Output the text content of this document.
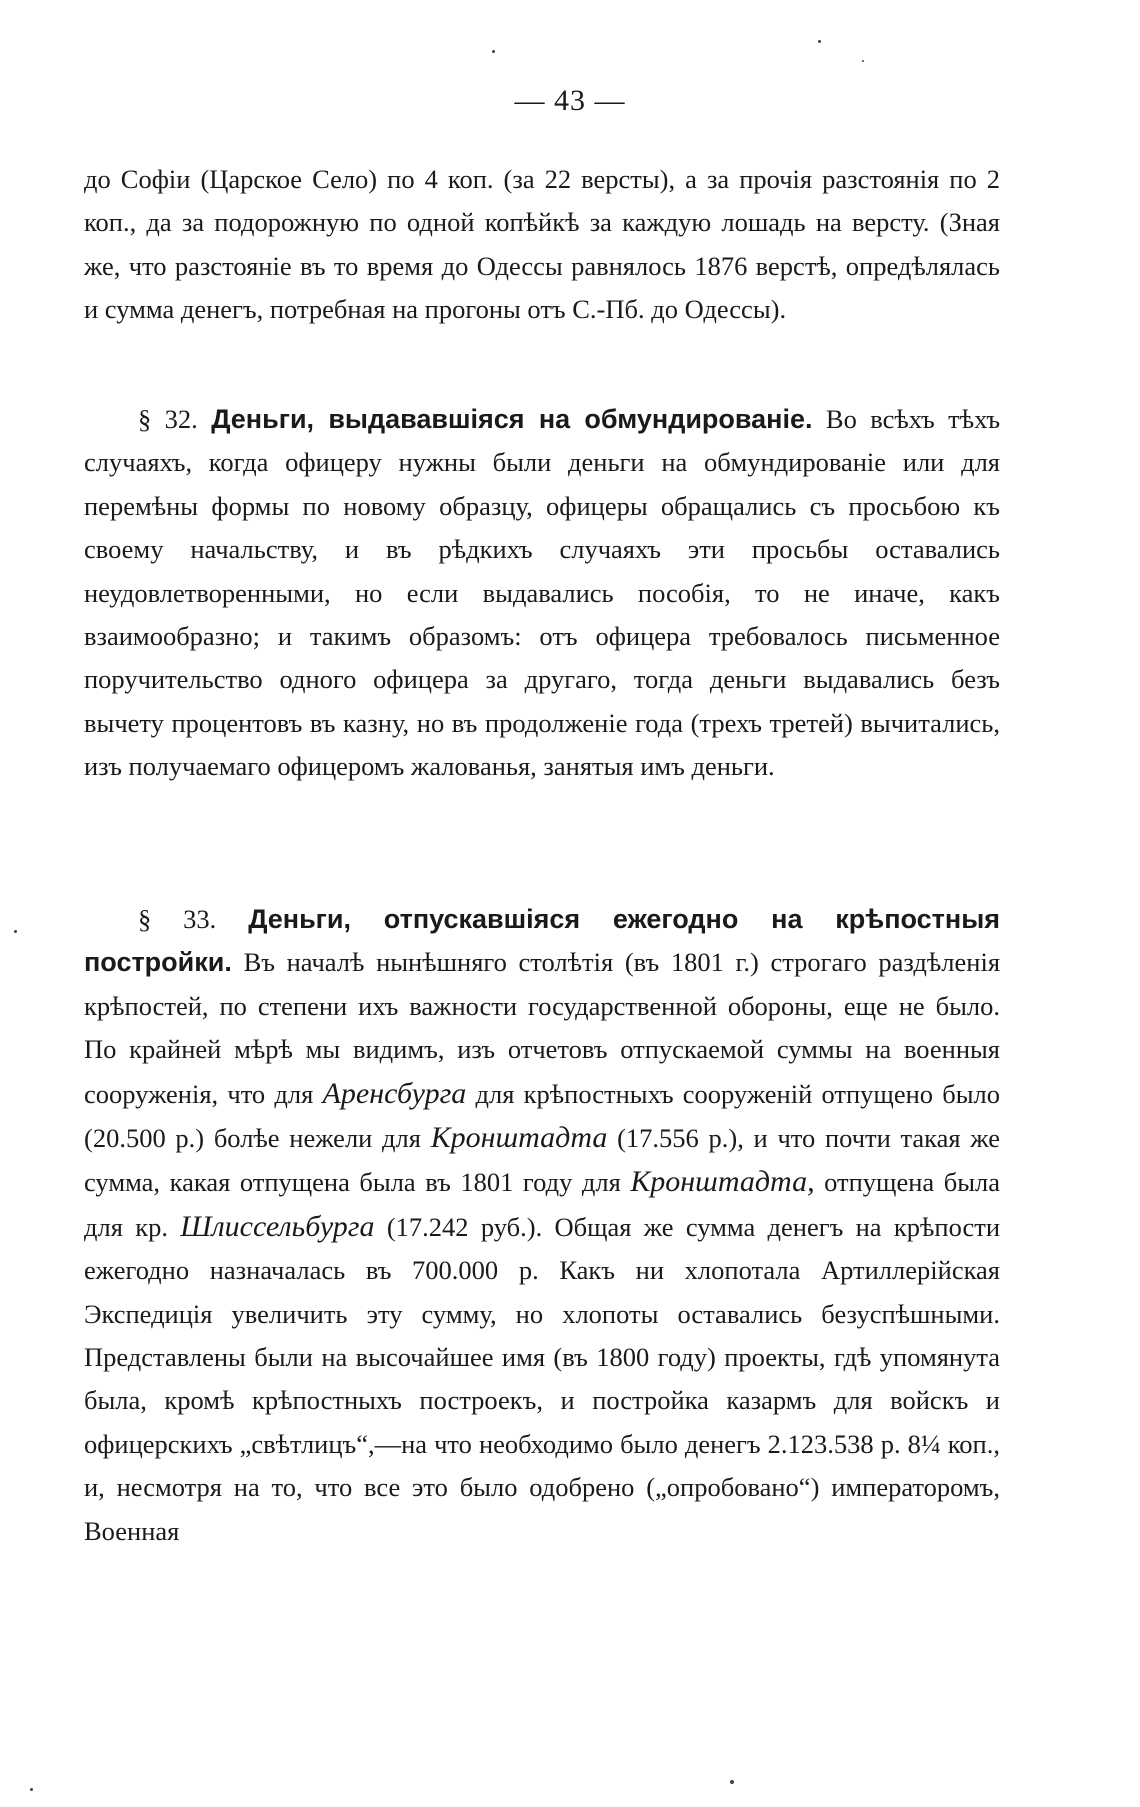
— 43 —
до Софіи (Царское Село) по 4 коп. (за 22 версты), а за прочія разстоянія по 2 коп., да за подорожную по одной копѣйкѣ за каждую лошадь на версту. (Зная же, что разстояніе въ то время до Одессы равнялось 1876 верстѣ, опредѣлялась и сумма денегъ, потребная на прогоны отъ С.-Пб. до Одессы).
§ 32. Деньги, выдававшіяся на обмундированіе. Во всѣхъ тѣхъ случаяхъ, когда офицеру нужны были деньги на обмундированіе или для перемѣны формы по новому образцу, офицеры обращались съ просьбою къ своему начальству, и въ рѣдкихъ случаяхъ эти просьбы оставались неудовлетворенными, но если выдавались пособія, то не иначе, какъ взаимообразно; и такимъ образомъ: отъ офицера требовалось письменное поручительство одного офицера за другаго, тогда деньги выдавались безъ вычету процентовъ въ казну, но въ продолженіе года (трехъ третей) вычитались, изъ получаемаго офицеромъ жалованья, занятыя имъ деньги.
§ 33. Деньги, отпускавшіяся ежегодно на крѣпостныя постройки. Въ началѣ нынѣшняго столѣтія (въ 1801 г.) строгаго раздѣленія крѣпостей, по степени ихъ важности государственной обороны, еще не было. По крайней мѣрѣ мы видимъ, изъ отчетовъ отпускаемой суммы на военныя сооруженія, что для Аренсбурга для крѣпостныхъ сооруженій отпущено было (20.500 р.) болѣе нежели для Кронштадта (17.556 р.), и что почти такая же сумма, какая отпущена была въ 1801 году для Кронштадта, отпущена была для кр. Шлиссельбурга (17.242 руб.). Общая же сумма денегъ на крѣпости ежегодно назначалась въ 700.000 р. Какъ ни хлопотала Артиллерійская Экспедиція увеличить эту сумму, но хлопоты оставались безуспѣшными. Представлены были на высочайшее имя (въ 1800 году) проекты, гдѣ упомянута была, кромѣ крѣпостныхъ построекъ, и постройка казармъ для войскъ и офицерскихъ „свѣтлицъ“,—на что необходимо было денегъ 2.123.538 р. 8¼ коп., и, несмотря на то, что все это было одобрено („опробовано“) императоромъ, Военная
